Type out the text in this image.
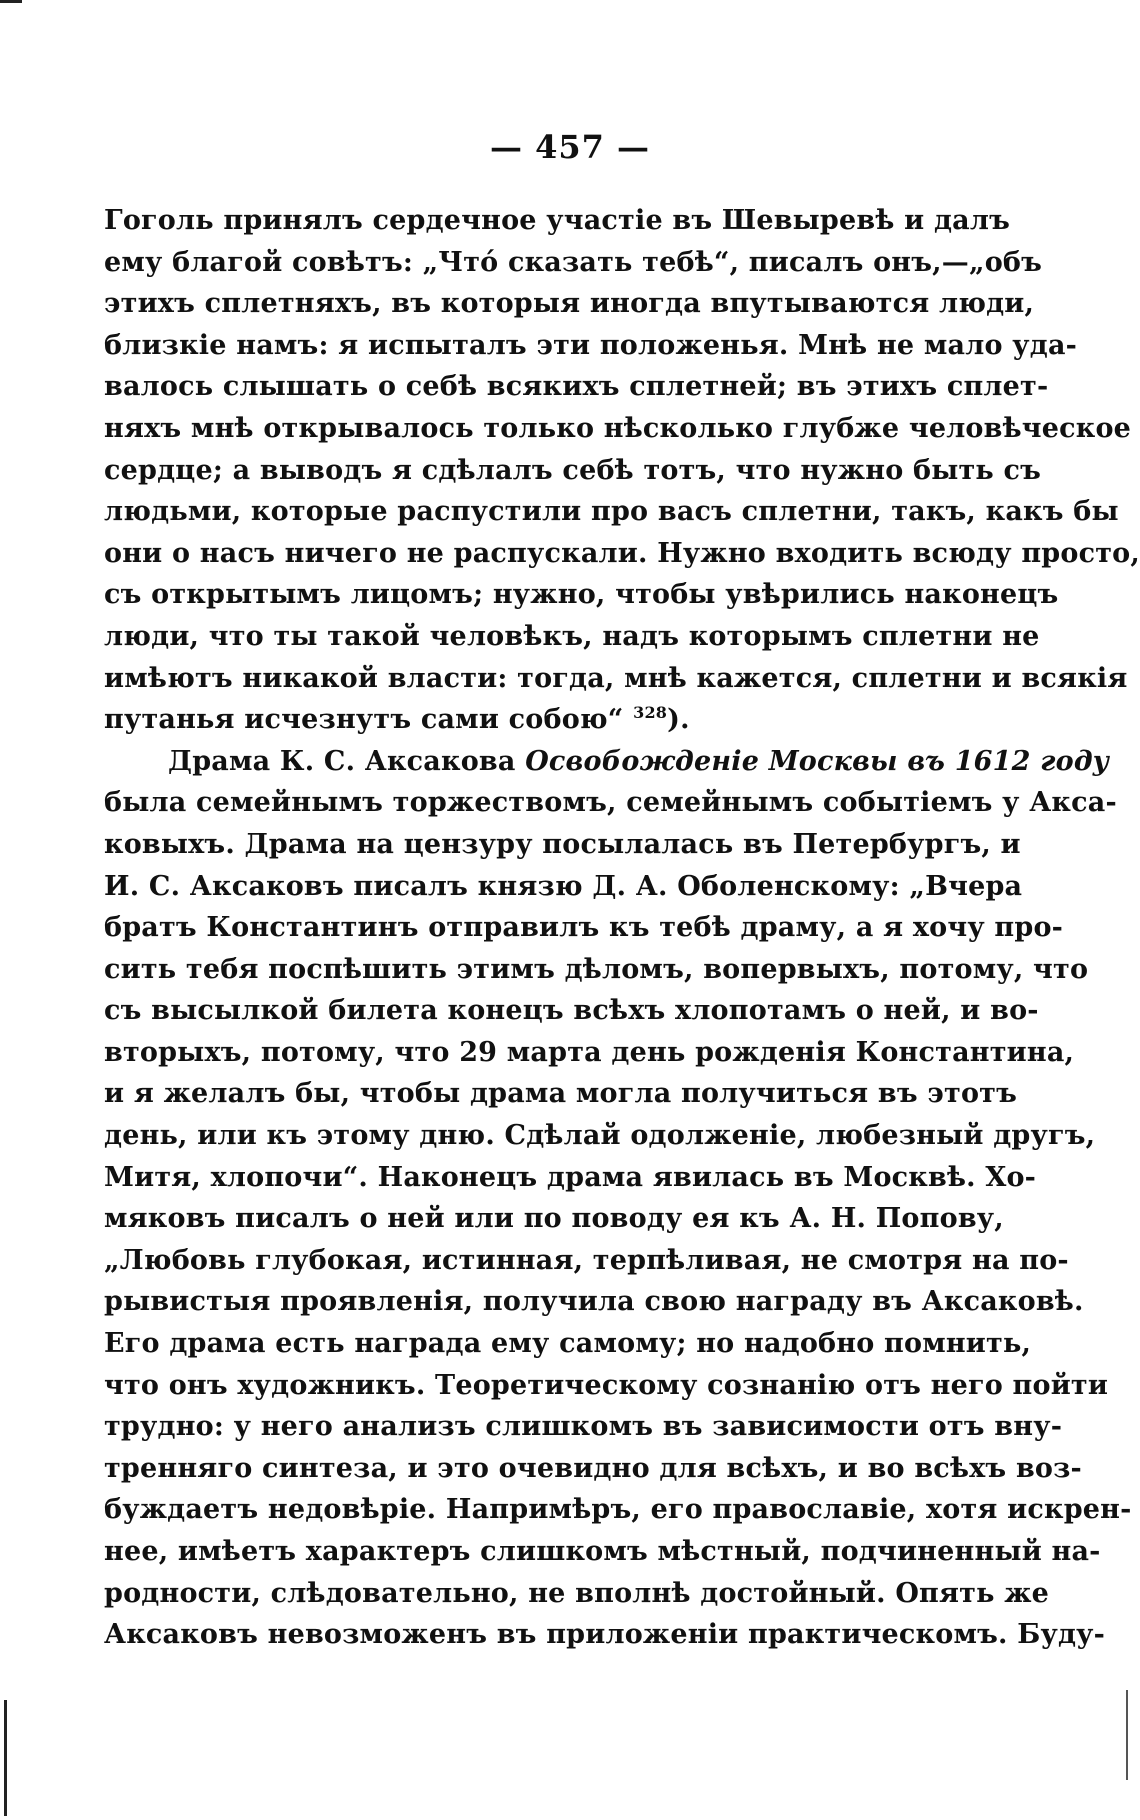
— 457 —
Гоголь принялъ сердечное участіе въ Шевыревѣ и далъ
ему благой совѣтъ: „Чтó сказать тебѣ“, писалъ онъ,—„объ
этихъ сплетняхъ, въ которыя иногда впутываются люди,
близкіе намъ: я испыталъ эти положенья. Мнѣ не мало уда-
валось слышать о себѣ всякихъ сплетней; въ этихъ сплет-
няхъ мнѣ открывалось только нѣсколько глубже человѣческое
сердце; а выводъ я сдѣлалъ себѣ тотъ, что нужно быть съ
людьми, которые распустили про васъ сплетни, такъ, какъ бы
они о насъ ничего не распускали. Нужно входить всюду просто,
съ открытымъ лицомъ; нужно, чтобы увѣрились наконецъ
люди, что ты такой человѣкъ, надъ которымъ сплетни не
имѣютъ никакой власти: тогда, мнѣ кажется, сплетни и всякія
путанья исчезнутъ сами собою“ $^{328}$).
Драма К. С. Аксакова Освобожденіе Москвы въ 1612 году
была семейнымъ торжествомъ, семейнымъ событіемъ у Акса-
ковыхъ. Драма на цензуру посылалась въ Петербургъ, и
И. С. Аксаковъ писалъ князю Д. А. Оболенскому: „Вчера
братъ Константинъ отправилъ къ тебѣ драму, а я хочу про-
сить тебя поспѣшить этимъ дѣломъ, вопервыхъ, потому, что
съ высылкой билета конецъ всѣхъ хлопотамъ о ней, и во-
вторыхъ, потому, что 29 марта день рожденія Константина,
и я желалъ бы, чтобы драма могла получиться въ этотъ
день, или къ этому дню. Сдѣлай одолженіе, любезный другъ,
Митя, хлопочи“. Наконецъ драма явилась въ Москвѣ. Хо-
мяковъ писалъ о ней или по поводу ея къ А. Н. Попову,
„Любовь глубокая, истинная, терпѣливая, не смотря на по-
рывистыя проявленія, получила свою награду въ Аксаковѣ.
Его драма есть награда ему самому; но надобно помнить,
что онъ художникъ. Теоретическому сознанію отъ него пойти
трудно: у него анализъ слишкомъ въ зависимости отъ вну-
тренняго синтеза, и это очевидно для всѣхъ, и во всѣхъ воз-
буждаетъ недовѣріе. Напримѣръ, его православіе, хотя искрен-
нее, имѣетъ характеръ слишкомъ мѣстный, подчиненный на-
родности, слѣдовательно, не вполнѣ достойный. Опять же
Аксаковъ невозможенъ въ приложеніи практическомъ. Буду-
